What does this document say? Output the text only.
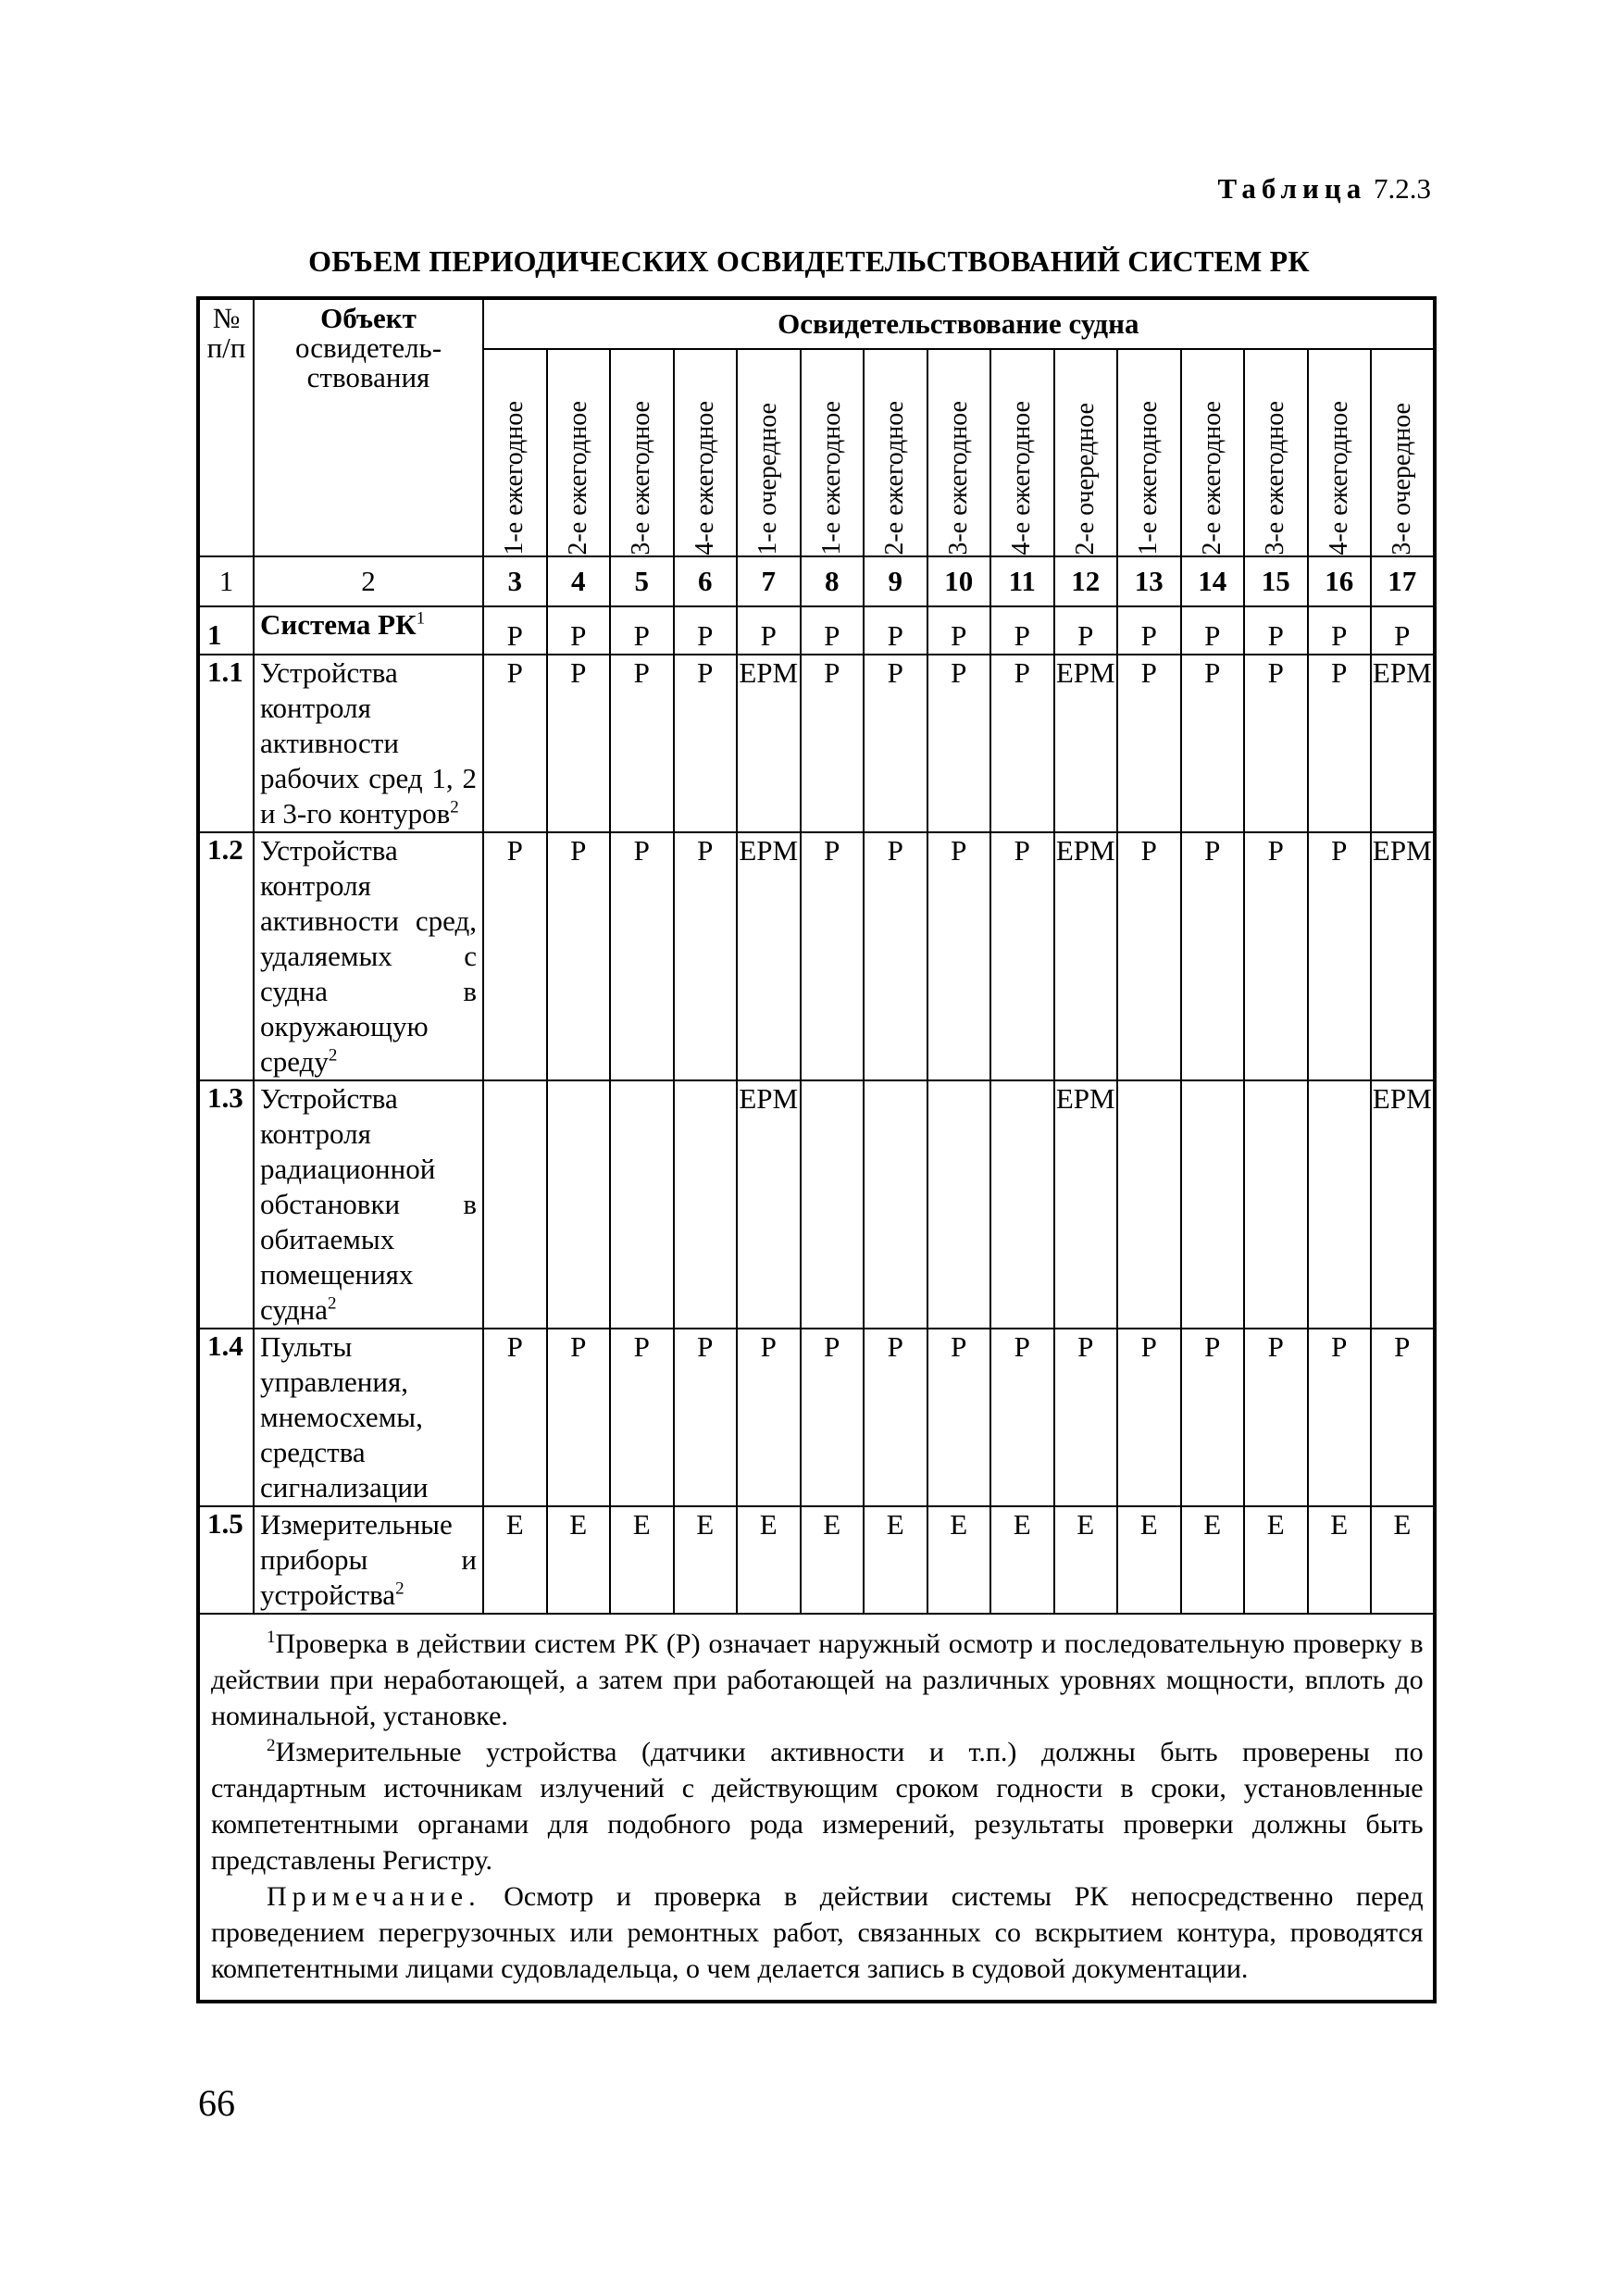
Таблица 7.2.3
ОБЪЕМ ПЕРИОДИЧЕСКИХ ОСВИДЕТЕЛЬСТВОВАНИЙ СИСТЕМ РК
№ п/п	Объект
освидетель-
ствования	Освидетельствование судна														

		1-е ежегодное	2-е ежегодное	3-е ежегодное	4-е ежегодное	1-е очередное	1-е ежегодное	2-е ежегодное	3-е ежегодное	4-е ежегодное	2-е очередное	1-е ежегодное	2-е ежегодное	3-е ежегодное	4-е ежегодное	3-е очередное

1	2	3	4	5	6	7	8	9	10	11	12	13	14	15	16	17
1	Система $РК^1$	Р	Р	Р	Р	Р	Р	Р	Р	Р	Р	Р	Р	Р	Р	Р
1.1	Устройства контроля активности рабочих сред 1, 2 и 3-го контуров$^2$	Р	Р	Р	Р	ЕРМ	Р	Р	Р	Р	ЕРМ	Р	Р	Р	Р	ЕРМ
1.2	Устройства контроля активности сред, удаляемых с судна в окружающую среду$^2$	Р	Р	Р	Р	ЕРМ	Р	Р	Р	Р	ЕРМ	Р	Р	Р	Р	ЕРМ
1.3	Устройства контроля радиационной обстановки в обитаемых помещениях судна$^2$					ЕРМ					ЕРМ					ЕРМ
1.4	Пульты управления, мнемосхемы, средства сигнализации	Р	Р	Р	Р	Р	Р	Р	Р	Р	Р	Р	Р	Р	Р	Р
1.5	Измерительные приборы и устройства$^2$	Е	Е	Е	Е	Е	Е	Е	Е	Е	Е	Е	Е	Е	Е	Е

$^1$Проверка в действии систем РК (Р) означает наружный осмотр и последовательную проверку в действии при неработающей, а затем при работающей на различных уровнях мощности, вплоть до номинальной, установке.

$^2$Измерительные устройства (датчики активности и т.п.) должны быть проверены по стандартным источникам излучений с действующим сроком годности в сроки, установленные компетентными органами для подобного рода измерений, результаты проверки должны быть представлены Регистру.

Примечание. Осмотр и проверка в действии системы РК непосредственно перед проведением перегрузочных или ремонтных работ, связанных со вскрытием контура, проводятся компетентными лицами судовладельца, о чем делается запись в судовой документации.																

66
